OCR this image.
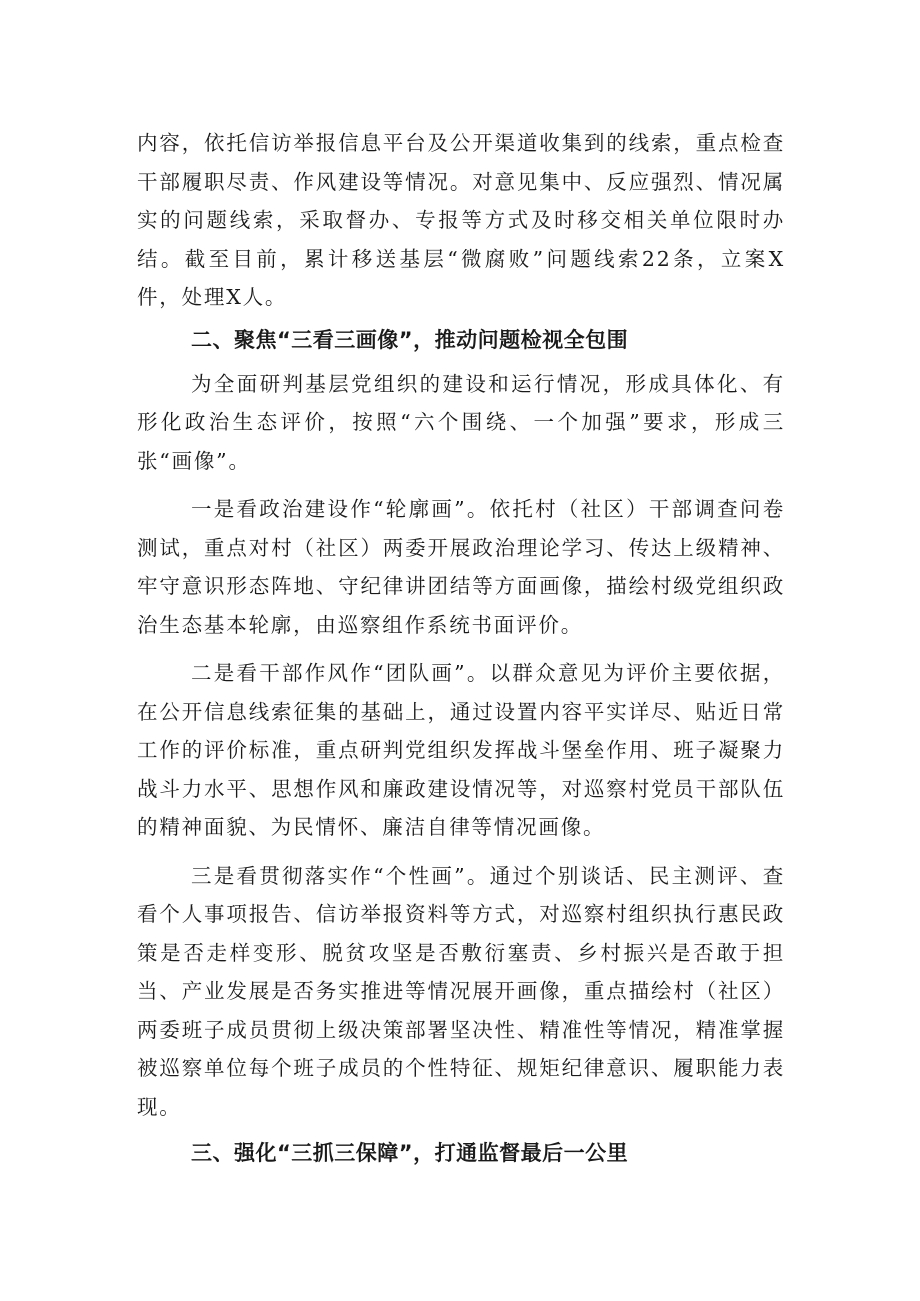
内容，依托信访举报信息平台及公开渠道收集到的线索，重点检查干部履职尽责、作风建设等情况。对意见集中、反应强烈、情况属实的问题线索，采取督办、专报等方式及时移交相关单位限时办结。截至目前，累计移送基层“微腐败”问题线索22条，立案X件，处理X人。

二、聚焦“三看三画像”，推动问题检视全包围

为全面研判基层党组织的建设和运行情况，形成具体化、有形化政治生态评价，按照“六个围绕、一个加强”要求，形成三张“画像”。

一是看政治建设作“轮廓画”。依托村（社区）干部调查问卷测试，重点对村（社区）两委开展政治理论学习、传达上级精神、牢守意识形态阵地、守纪律讲团结等方面画像，描绘村级党组织政治生态基本轮廓，由巡察组作系统书面评价。

二是看干部作风作“团队画”。以群众意见为评价主要依据，在公开信息线索征集的基础上，通过设置内容平实详尽、贴近日常工作的评价标准，重点研判党组织发挥战斗堡垒作用、班子凝聚力战斗力水平、思想作风和廉政建设情况等，对巡察村党员干部队伍的精神面貌、为民情怀、廉洁自律等情况画像。

三是看贯彻落实作“个性画”。通过个别谈话、民主测评、查看个人事项报告、信访举报资料等方式，对巡察村组织执行惠民政策是否走样变形、脱贫攻坚是否敷衍塞责、乡村振兴是否敢于担当、产业发展是否务实推进等情况展开画像，重点描绘村（社区）两委班子成员贯彻上级决策部署坚决性、精准性等情况，精准掌握被巡察单位每个班子成员的个性特征、规矩纪律意识、履职能力表现。

三、强化“三抓三保障”，打通监督最后一公里
